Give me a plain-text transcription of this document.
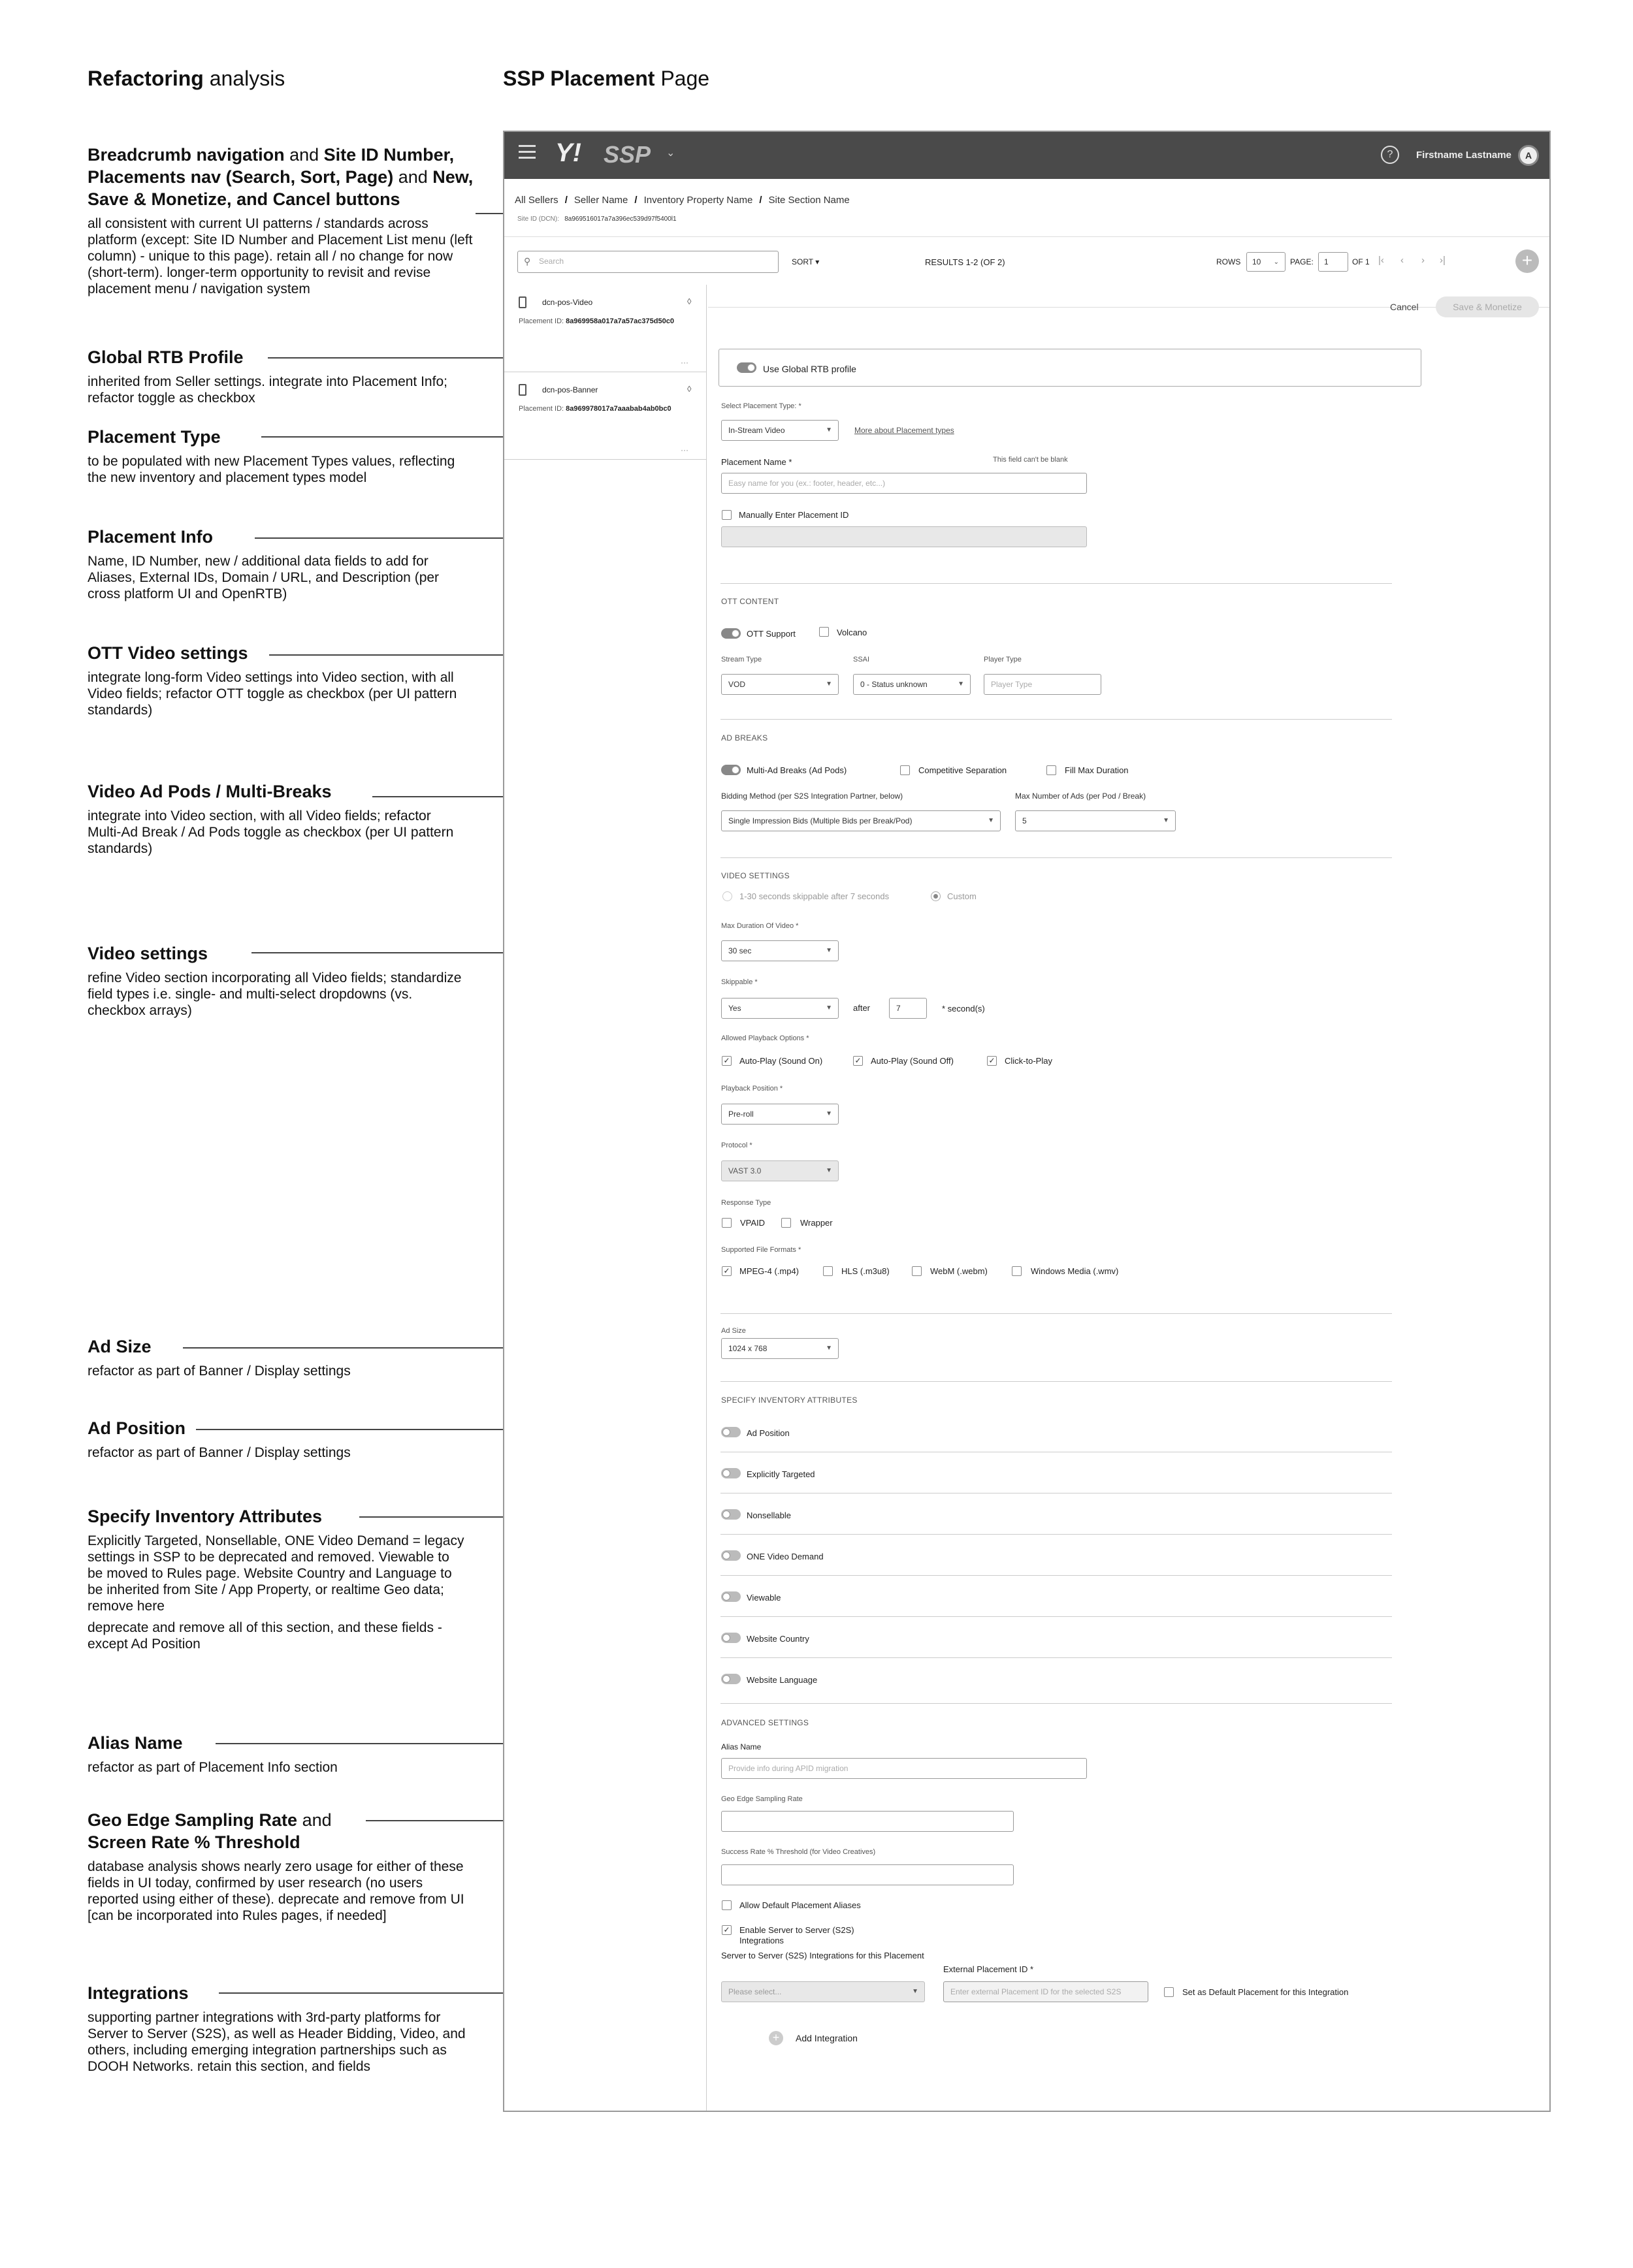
Refactoring analysis	SSP Placement Page
Breadcrumb navigation and Site ID Number, Placements nav (Search, Sort, Page) and New, Save & Monetize, and Cancel buttons

all consistent with current UI patterns / standards across platform (except: Site ID Number and Placement List menu (left column) - unique to this page). retain all / no change for now (short-term). longer-term opportunity to revisit and revise placement menu / navigation system

Global RTB Profile

inherited from Seller settings. integrate into Placement Info; refactor toggle as checkbox

Placement Type

to be populated with new Placement Types values, reflecting the new inventory and placement types model

Placement Info

Name, ID Number, new / additional data fields to add for Aliases, External IDs, Domain / URL, and Description (per cross platform UI and OpenRTB)

OTT Video settings

integrate long-form Video settings into Video section, with all Video fields; refactor OTT toggle as checkbox (per UI pattern standards)

Video Ad Pods / Multi-Breaks

integrate into Video section, with all Video fields; refactor Multi-Ad Break / Ad Pods toggle as checkbox (per UI pattern standards)

Video settings

refine Video section incorporating all Video fields; standardize field types i.e. single- and multi-select dropdowns (vs. checkbox arrays)

Ad Size

refactor as part of Banner / Display settings

Ad Position

refactor as part of Banner / Display settings

Specify Inventory Attributes

Explicitly Targeted, Nonsellable, ONE Video Demand = legacy settings in SSP to be deprecated and removed. Viewable to be moved to Rules page. Website Country and Language to be inherited from Site / App Property, or realtime Geo data; remove here

deprecate and remove all of this section, and these fields - except Ad Position

Alias Name

refactor as part of Placement Info section

Geo Edge Sampling Rate and
Screen Rate % Threshold

database analysis shows nearly zero usage for either of these fields in UI today, confirmed by user research (no users reported using either of these). deprecate and remove from UI [can be incorporated into Rules pages, if needed]

Integrations

supporting partner integrations with 3rd-party platforms for Server to Server (S2S), as well as Header Bidding, Video, and others, including emerging integration partnerships such as DOOH Networks. retain this section, and fields

Y! SSP ⌄	?	Firstname Lastname	A
All Sellers / Seller Name / Inventory Property Name / Site Section Name
Site ID (DCN): 8a969516017a7a396ec539d97f5400l1
Search
⚲	SORT ▾	RESULTS 1-2 (OF 2)	ROWS	10 ⌄ PAGE:	1	OF 1 |‹ ‹ › ›|	+
dcn-pos-Video	◊
Placement ID: 8a969958a017a7a57ac375d50c0
···
dcn-pos-Banner	◊
Placement ID: 8a969978017a7aaabab4ab0bc0
···
Cancel	Save & Monetize
Use Global RTB profile
Select Placement Type: *
In-Stream Video	▼	More about Placement types
Placement Name *	This field can't be blank
Easy name for you (ex.: footer, header, etc...)
Manually Enter Placement ID
OTT CONTENT
OTT Support	Volcano
Stream Type
VOD	▼
SSAI
0 - Status unknown	▼
Player Type
Player Type
AD BREAKS
Multi-Ad Breaks (Ad Pods)	Competitive Separation	Fill Max Duration
Bidding Method (per S2S Integration Partner, below)
Single Impression Bids (Multiple Bids per Break/Pod)	▼
Max Number of Ads (per Pod / Break)
5	▼
VIDEO SETTINGS
1-30 seconds skippable after 7 seconds	Custom
Max Duration Of Video *
30 sec	▼
Skippable *
Yes	▼ after	7	* second(s)
Allowed Playback Options *
✓ Auto-Play (Sound On)	✓ Auto-Play (Sound Off)	✓ Click-to-Play
Playback Position *
Pre-roll	▼
Protocol *
VAST 3.0	▼
Response Type
VPAID	Wrapper
Supported File Formats *
✓ MPEG-4 (.mp4)	HLS (.m3u8)	WebM (.webm)	Windows Media (.wmv)
Ad Size
1024 x 768	▼
SPECIFY INVENTORY ATTRIBUTES
Ad Position
Explicitly Targeted
Nonsellable
ONE Video Demand
Viewable
Website Country
Website Language
ADVANCED SETTINGS
Alias Name
Provide info during APID migration
Geo Edge Sampling Rate
Success Rate % Threshold (for Video Creatives)
Allow Default Placement Aliases
✓ Enable Server to Server (S2S) Integrations
Server to Server (S2S) Integrations for this Placement
Please select...	▼
External Placement ID *
Enter external Placement ID for the selected S2S	Set as Default Placement for this Integration
+	Add Integration
